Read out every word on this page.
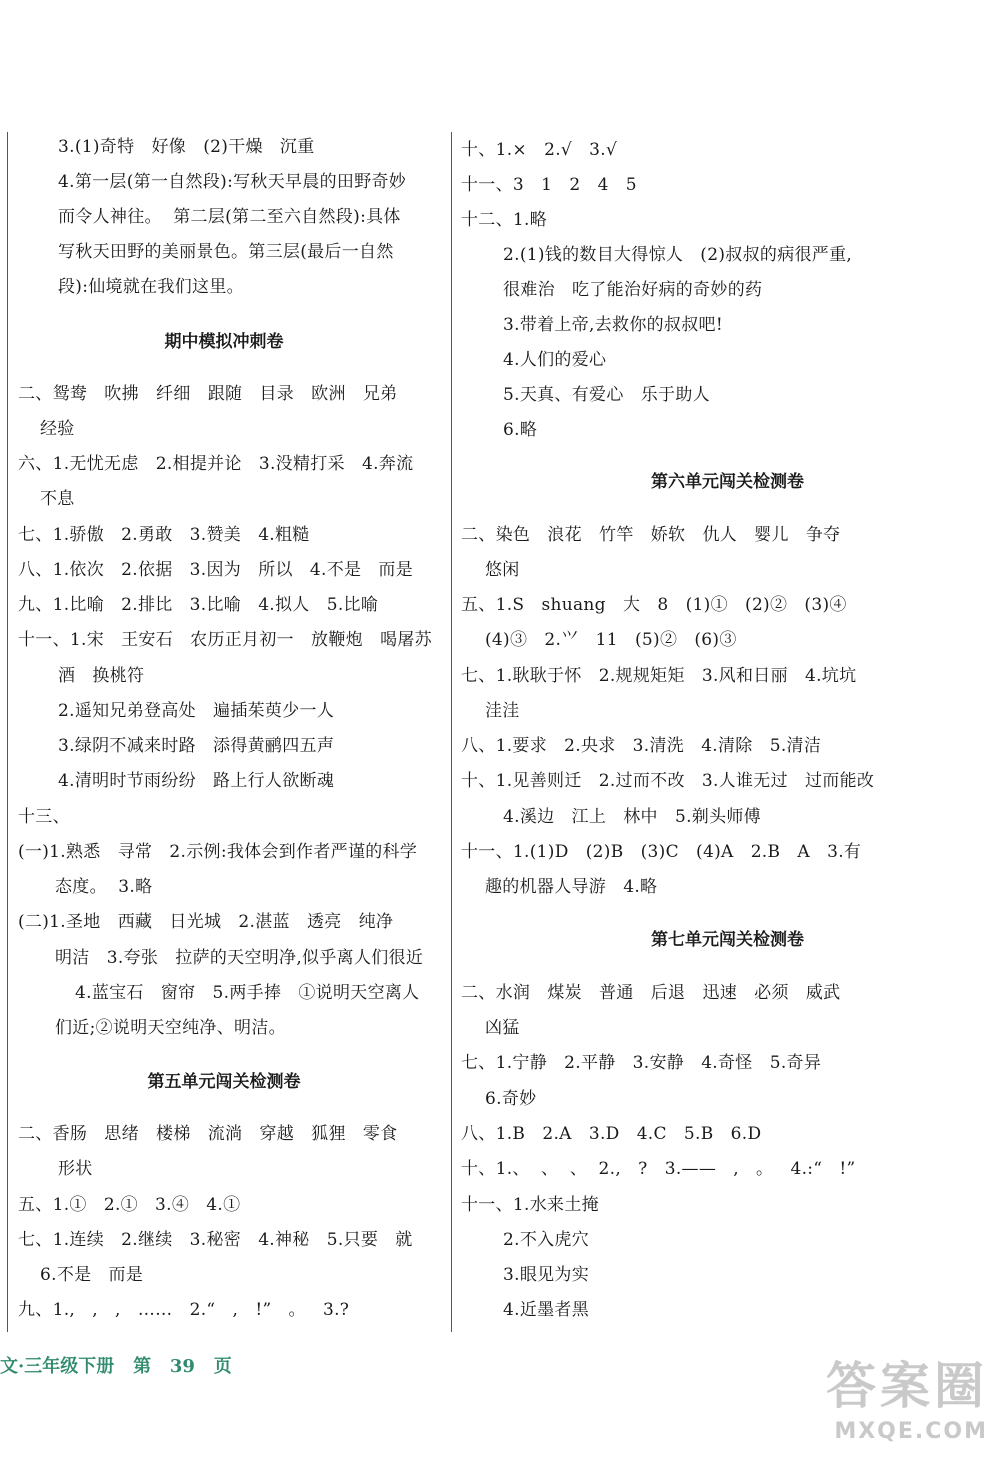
3.(1)奇特   好像   (2)干燥   沉重
4.第一层(第一自然段):写秋天早晨的田野奇妙
而令人神往。  第二层(第二至六自然段):具体
写秋天田野的美丽景色。第三层(最后一自然
段):仙境就在我们这里。
期中模拟冲刺卷
二、鸳鸯   吹拂   纤细   跟随   目录   欧洲   兄弟
经验
六、1.无忧无虑   2.相提并论   3.没精打采   4.奔流
不息
七、1.骄傲   2.勇敢   3.赞美   4.粗糙
八、1.依次   2.依据   3.因为   所以   4.不是   而是
九、1.比喻   2.排比   3.比喻   4.拟人   5.比喻
十一、1.宋   王安石   农历正月初一   放鞭炮   喝屠苏
酒   换桃符
2.遥知兄弟登高处   遍插茱萸少一人
3.绿阴不减来时路   添得黄鹂四五声
4.清明时节雨纷纷   路上行人欲断魂
十三、
(一)1.熟悉   寻常   2.示例:我体会到作者严谨的科学
态度。  3.略
(二)1.圣地   西藏   日光城   2.湛蓝   透亮   纯净
明洁   3.夸张   拉萨的天空明净,似乎离人们很近
4.蓝宝石   窗帘   5.两手捧   ①说明天空离人
们近;②说明天空纯净、明洁。
第五单元闯关检测卷
二、香肠   思绪   楼梯   流淌   穿越   狐狸   零食
形状
五、1.①   2.①   3.④   4.①
七、1.连续   2.继续   3.秘密   4.神秘   5.只要   就
6.不是   而是
九、1.,   ,   ,   ……   2.“   ,   !”   。   3.?
十、1.×   2.√   3.√
十一、3   1   2   4   5
十二、1.略
2.(1)钱的数目大得惊人   (2)叔叔的病很严重,
很难治   吃了能治好病的奇妙的药
3.带着上帝,去救你的叔叔吧!
4.人们的爱心
5.天真、有爱心   乐于助人
6.略
第六单元闯关检测卷
二、染色   浪花   竹竿   娇软   仇人   婴儿   争夺
悠闲
五、1.S   shuang   大   8   (1)①   (2)②   (3)④
(4)③   2.⺍   11   (5)②   (6)③
七、1.耿耿于怀   2.规规矩矩   3.风和日丽   4.坑坑
洼洼
八、1.要求   2.央求   3.清洗   4.清除   5.清洁
十、1.见善则迁   2.过而不改   3.人谁无过   过而能改
4.溪边   江上   林中   5.剃头师傅
十一、1.(1)D   (2)B   (3)C   (4)A   2.B   A   3.有
趣的机器人导游   4.略
第七单元闯关检测卷
二、水润   煤炭   普通   后退   迅速   必须   威武
凶猛
七、1.宁静   2.平静   3.安静   4.奇怪   5.奇异
6.奇妙
八、1.B   2.A   3.D   4.C   5.B   6.D
十、1.、  、  、  2.,   ?   3.——   ,   。   4.:“   !”
十一、1.水来土掩
2.不入虎穴
3.眼见为实
4.近墨者黑
文·三年级下册   第   39   页	答案圈
MXQE.COM
